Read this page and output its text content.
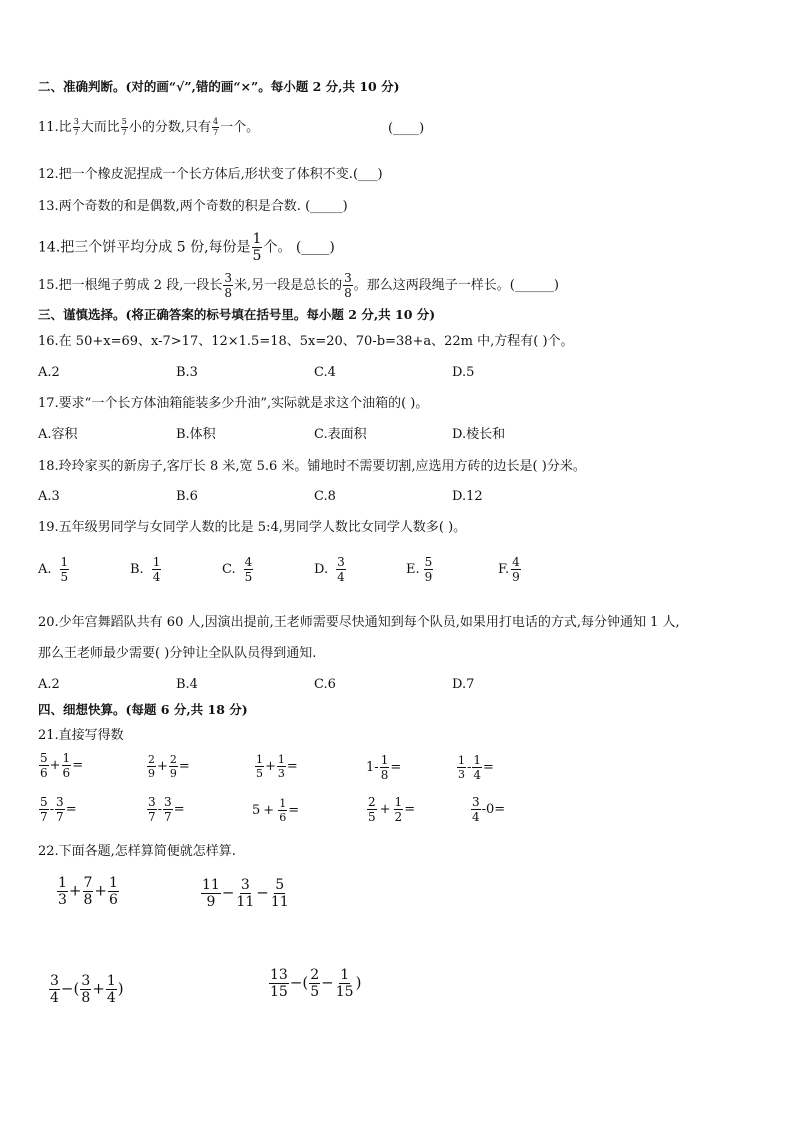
二、准确判断。(对的画“√”,错的画“×”。每小题 2 分,共 10 分)
11.比 $\frac{3}{7}$ 大而比 $\frac{5}{7}$ 小的分数,只有 $\frac{4}{7}$ 一个。	(____)
12.把一个橡皮泥捏成一个长方体后,形状变了体积不变.(___)
13.两个奇数的和是偶数,两个奇数的积是合数. (_____)
14.把三个饼平均分成 5 份,每份是 $\frac{1}{5}$ 个。 (____)
15.把一根绳子剪成 2 段,一段长 $\frac{3}{8}$ 米,另一段是总长的 $\frac{3}{8}$ 。那么这两段绳子一样长。(______)
三、谨慎选择。(将正确答案的标号填在括号里。每小题 2 分,共 10 分)
16.在 50+x=69、x-7>17、12×1.5=18、5x=20、70-b=38+a、22m 中,方程有( )个。
A.2	B.3	C.4	D.5
17.要求“一个长方体油箱能装多少升油”,实际就是求这个油箱的( )。
A.容积	B.体积	C.表面积	D.棱长和
18.玲玲家买的新房子,客厅长 8 米,宽 5.6 米。铺地时不需要切割,应选用方砖的边长是( )分米。
A.3	B.6	C.8	D.12
19.五年级男同学与女同学人数的比是 5:4,男同学人数比女同学人数多( )。
A. $\frac{1}{5}$	B. $\frac{1}{4}$	C. $\frac{4}{5}$	D. $\frac{3}{4}$	E. $\frac{5}{9}$	F. $\frac{4}{9}$
20.少年宫舞蹈队共有 60 人,因演出提前,王老师需要尽快通知到每个队员,如果用打电话的方式,每分钟通知 1 人,
那么王老师最少需要( )分钟让全队队员得到通知.
A.2	B.4	C.6	D.7
四、细想快算。(每题 6 分,共 18 分)
21.直接写得数
$\frac{5}{6} + \frac{1}{6}$ =	$\frac{2}{9} + \frac{2}{9}$ =	$\frac{1}{5} + \frac{1}{3}$ =	$1- \frac{1}{8}$ =	$\frac{1}{3} - \frac{1}{4}$ =
$\frac{5}{7} - \frac{3}{7}$ =	$\frac{3}{7} - \frac{3}{7}$ =	$5 + \frac{1}{6}$ =	$\frac{2}{5} + \frac{1}{2}$ =	$\frac{3}{4} -0=$
22.下面各题,怎样算简便就怎样算.
$\frac{1}{3} + \frac{7}{8} + \frac{1}{6}$	$\frac{11}{9} - \frac{3}{11} - \frac{5}{11}$
$\frac{3}{4}$ −( $\frac{3}{8} + \frac{1}{4}$ )	$\frac{13}{15}$ −( $\frac{2}{5} - \frac{1}{15}$ )
